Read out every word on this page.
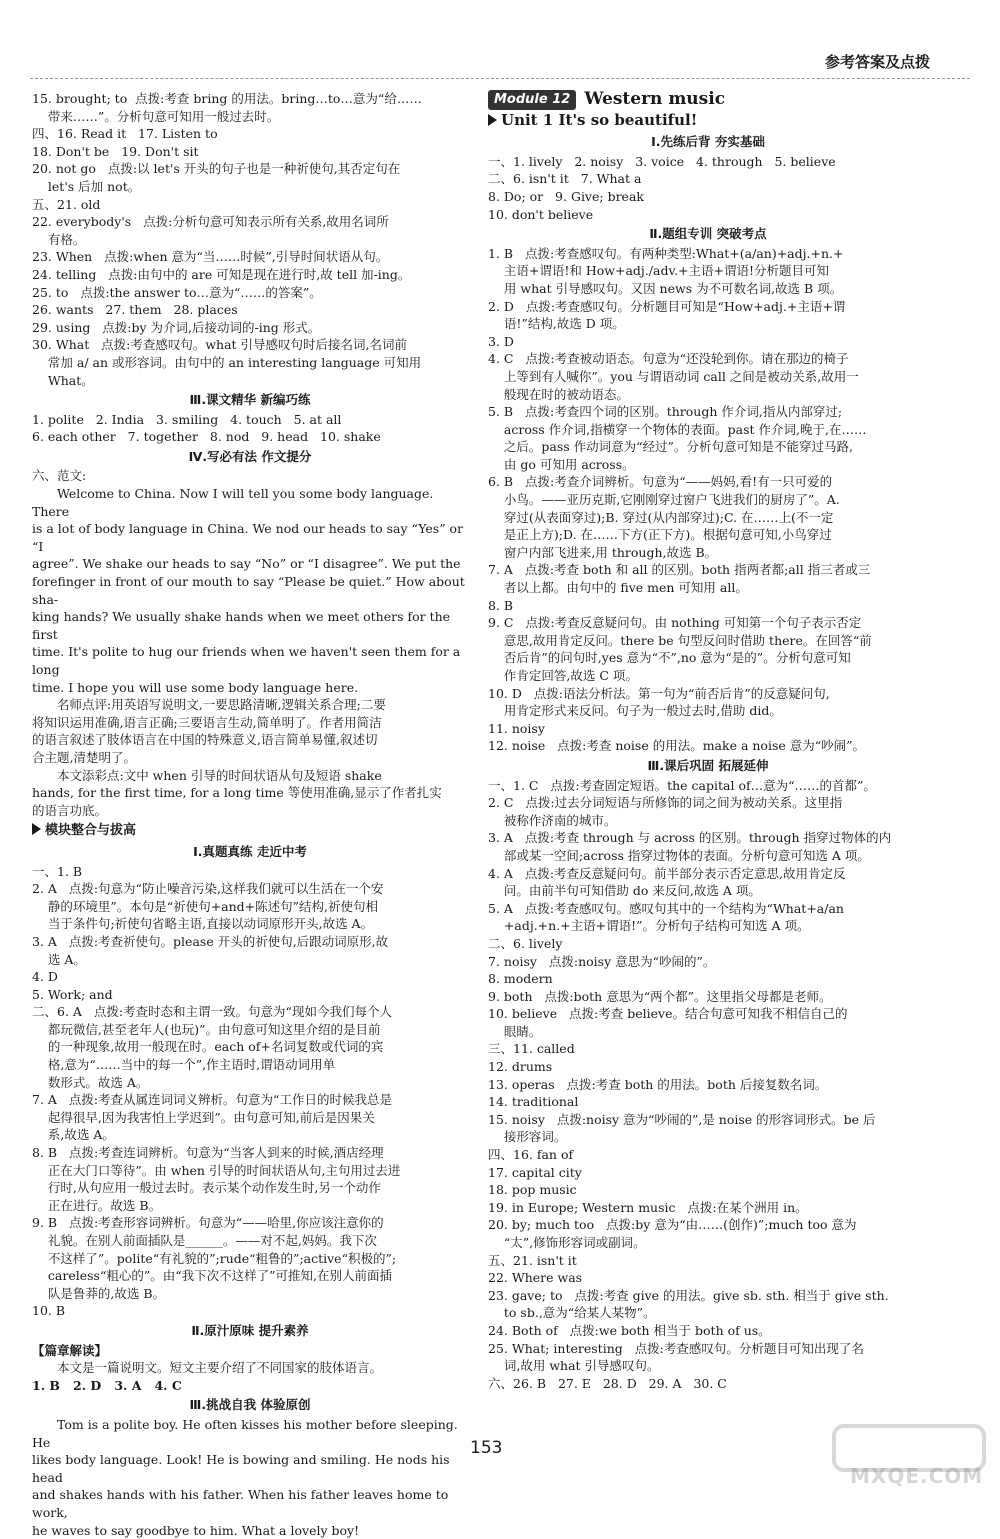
参考答案及点拨

15. brought; to  点拨:考查 bring 的用法。bring…to…意为“给……

带来……”。分析句意可知用一般过去时。

四、16. Read it   17. Listen to

18. Don't be   19. Don't sit

20. not go   点拨:以 let's 开头的句子也是一种祈使句,其否定句在

let's 后加 not。

五、21. old

22. everybody's   点拨:分析句意可知表示所有关系,故用名词所

有格。

23. When   点拨:when 意为“当……时候”,引导时间状语从句。

24. telling   点拨:由句中的 are 可知是现在进行时,故 tell 加-ing。

25. to   点拨:the answer to…意为“……的答案”。

26. wants   27. them   28. places

29. using   点拨:by 为介词,后接动词的-ing 形式。

30. What   点拨:考查感叹句。what 引导感叹句时后接名词,名词前

常加 a/ an 或形容词。由句中的 an interesting language 可知用

What。

Ⅲ.课文精华 新编巧练

1. polite   2. India   3. smiling   4. touch   5. at all

6. each other   7. together   8. nod   9. head   10. shake

Ⅳ.写必有法 作文提分

六、范文:

Welcome to China. Now I will tell you some body language. There

is a lot of body language in China. We nod our heads to say “Yes” or “I

agree”. We shake our heads to say “No” or “I disagree”. We put the

forefinger in front of our mouth to say “Please be quiet.” How about sha-

king hands? We usually shake hands when we meet others for the first

time. It's polite to hug our friends when we haven't seen them for a long

time. I hope you will use some body language here.

名师点评:用英语写说明文,一要思路清晰,逻辑关系合理;二要

将知识运用准确,语言正确;三要语言生动,简单明了。作者用简洁

的语言叙述了肢体语言在中国的特殊意义,语言简单易懂,叙述切

合主题,清楚明了。

本文添彩点:文中 when 引导的时间状语从句及短语 shake

hands, for the first time, for a long time 等使用准确,显示了作者扎实

的语言功底。

模块整合与拔高
Ⅰ.真题真练 走近中考

一、1. B

2. A   点拨:句意为“防止噪音污染,这样我们就可以生活在一个安

静的环境里”。本句是“祈使句+and+陈述句”结构,祈使句相

当于条件句;祈使句省略主语,直接以动词原形开头,故选 A。

3. A   点拨:考查祈使句。please 开头的祈使句,后跟动词原形,故

选 A。

4. D

5. Work; and

二、6. A   点拨:考查时态和主谓一致。句意为“现如今我们每个人

都玩微信,甚至老年人(也玩)”。由句意可知这里介绍的是目前

的一种现象,故用一般现在时。each of+名词复数或代词的宾

格,意为“……当中的每一个”,作主语时,谓语动词用单

数形式。故选 A。

7. A   点拨:考查从属连词词义辨析。句意为“工作日的时候我总是

起得很早,因为我害怕上学迟到”。由句意可知,前后是因果关

系,故选 A。

8. B   点拨:考查连词辨析。句意为“当客人到来的时候,酒店经理

正在大门口等待”。由 when 引导的时间状语从句,主句用过去进

行时,从句应用一般过去时。表示某个动作发生时,另一个动作

正在进行。故选 B。

9. B   点拨:考查形容词辨析。句意为“——哈里,你应该注意你的

礼貌。在别人前面插队是______。——对不起,妈妈。我下次

不这样了”。polite“有礼貌的”;rude“粗鲁的”;active“积极的”;

careless“粗心的”。由“我下次不这样了”可推知,在别人前面插

队是鲁莽的,故选 B。

10. B

Ⅱ.原汁原味 提升素养

【篇章解读】

本文是一篇说明文。短文主要介绍了不同国家的肢体语言。

1. B   2. D   3. A   4. C

Ⅲ.挑战自我 体验原创

Tom is a polite boy. He often kisses his mother before sleeping. He

likes body language. Look! He is bowing and smiling. He nods his head

and shakes hands with his father. When his father leaves home to work,

he waves to say goodbye to him. What a lovely boy!

Module 12 Western music
Unit 1 It's so beautiful!
Ⅰ.先练后背 夯实基础

一、1. lively   2. noisy   3. voice   4. through   5. believe

二、6. isn't it   7. What a

8. Do; or   9. Give; break

10. don't believe

Ⅱ.题组专训 突破考点

1. B   点拨:考查感叹句。有两种类型:What+(a/an)+adj.+n.+

主语+谓语!和 How+adj./adv.+主语+谓语!分析题目可知

用 what 引导感叹句。又因 news 为不可数名词,故选 B 项。

2. D   点拨:考查感叹句。分析题目可知是“How+adj.+主语+谓

语!”结构,故选 D 项。

3. D

4. C   点拨:考查被动语态。句意为“还没轮到你。请在那边的椅子

上等到有人喊你”。you 与谓语动词 call 之间是被动关系,故用一

般现在时的被动语态。

5. B   点拨:考查四个词的区别。through 作介词,指从内部穿过;

across 作介词,指横穿一个物体的表面。past 作介词,晚于,在……

之后。pass 作动词意为“经过”。分析句意可知是不能穿过马路,

由 go 可知用 across。

6. B   点拨:考查介词辨析。句意为“——妈妈,看!有一只可爱的

小鸟。——亚历克斯,它刚刚穿过窗户飞进我们的厨房了”。A.

穿过(从表面穿过);B. 穿过(从内部穿过);C. 在……上(不一定

是正上方);D. 在……下方(正下方)。根据句意可知,小鸟穿过

窗户内部飞进来,用 through,故选 B。

7. A   点拨:考查 both 和 all 的区别。both 指两者都;all 指三者或三

者以上都。由句中的 five men 可知用 all。

8. B

9. C   点拨:考查反意疑问句。由 nothing 可知第一个句子表示否定

意思,故用肯定反问。there be 句型反问时借助 there。在回答“前

否后肯”的问句时,yes 意为“不”,no 意为“是的”。分析句意可知

作肯定回答,故选 C 项。

10. D   点拨:语法分析法。第一句为“前否后肯”的反意疑问句,

用肯定形式来反问。句子为一般过去时,借助 did。

11. noisy

12. noise   点拨:考查 noise 的用法。make a noise 意为“吵闹”。

Ⅲ.课后巩固 拓展延伸

一、1. C   点拨:考查固定短语。the capital of…意为“……的首都”。

2. C   点拨:过去分词短语与所修饰的词之间为被动关系。这里指

被称作济南的城市。

3. A   点拨:考查 through 与 across 的区别。through 指穿过物体的内

部或某一空间;across 指穿过物体的表面。分析句意可知选 A 项。

4. A   点拨:考查反意疑问句。前半部分表示否定意思,故用肯定反

问。由前半句可知借助 do 来反问,故选 A 项。

5. A   点拨:考查感叹句。感叹句其中的一个结构为“What+a/an

+adj.+n.+主语+谓语!”。分析句子结构可知选 A 项。

二、6. lively

7. noisy   点拨:noisy 意思为“吵闹的”。

8. modern

9. both   点拨:both 意思为“两个都”。这里指父母都是老师。

10. believe   点拨:考查 believe。结合句意可知我不相信自己的

眼睛。

三、11. called

12. drums

13. operas   点拨:考查 both 的用法。both 后接复数名词。

14. traditional

15. noisy   点拨:noisy 意为“吵闹的”,是 noise 的形容词形式。be 后

接形容词。

四、16. fan of

17. capital city

18. pop music

19. in Europe; Western music   点拨:在某个洲用 in。

20. by; much too   点拨:by 意为“由……(创作)”;much too 意为

“太”,修饰形容词或副词。

五、21. isn't it

22. Where was

23. gave; to   点拨:考查 give 的用法。give sb. sth. 相当于 give sth.

to sb.,意为“给某人某物”。

24. Both of   点拨:we both 相当于 both of us。

25. What; interesting   点拨:考查感叹句。分析题目可知出现了名

词,故用 what 引导感叹句。

六、26. B   27. E   28. D   29. A   30. C

153
MXQE.COM
